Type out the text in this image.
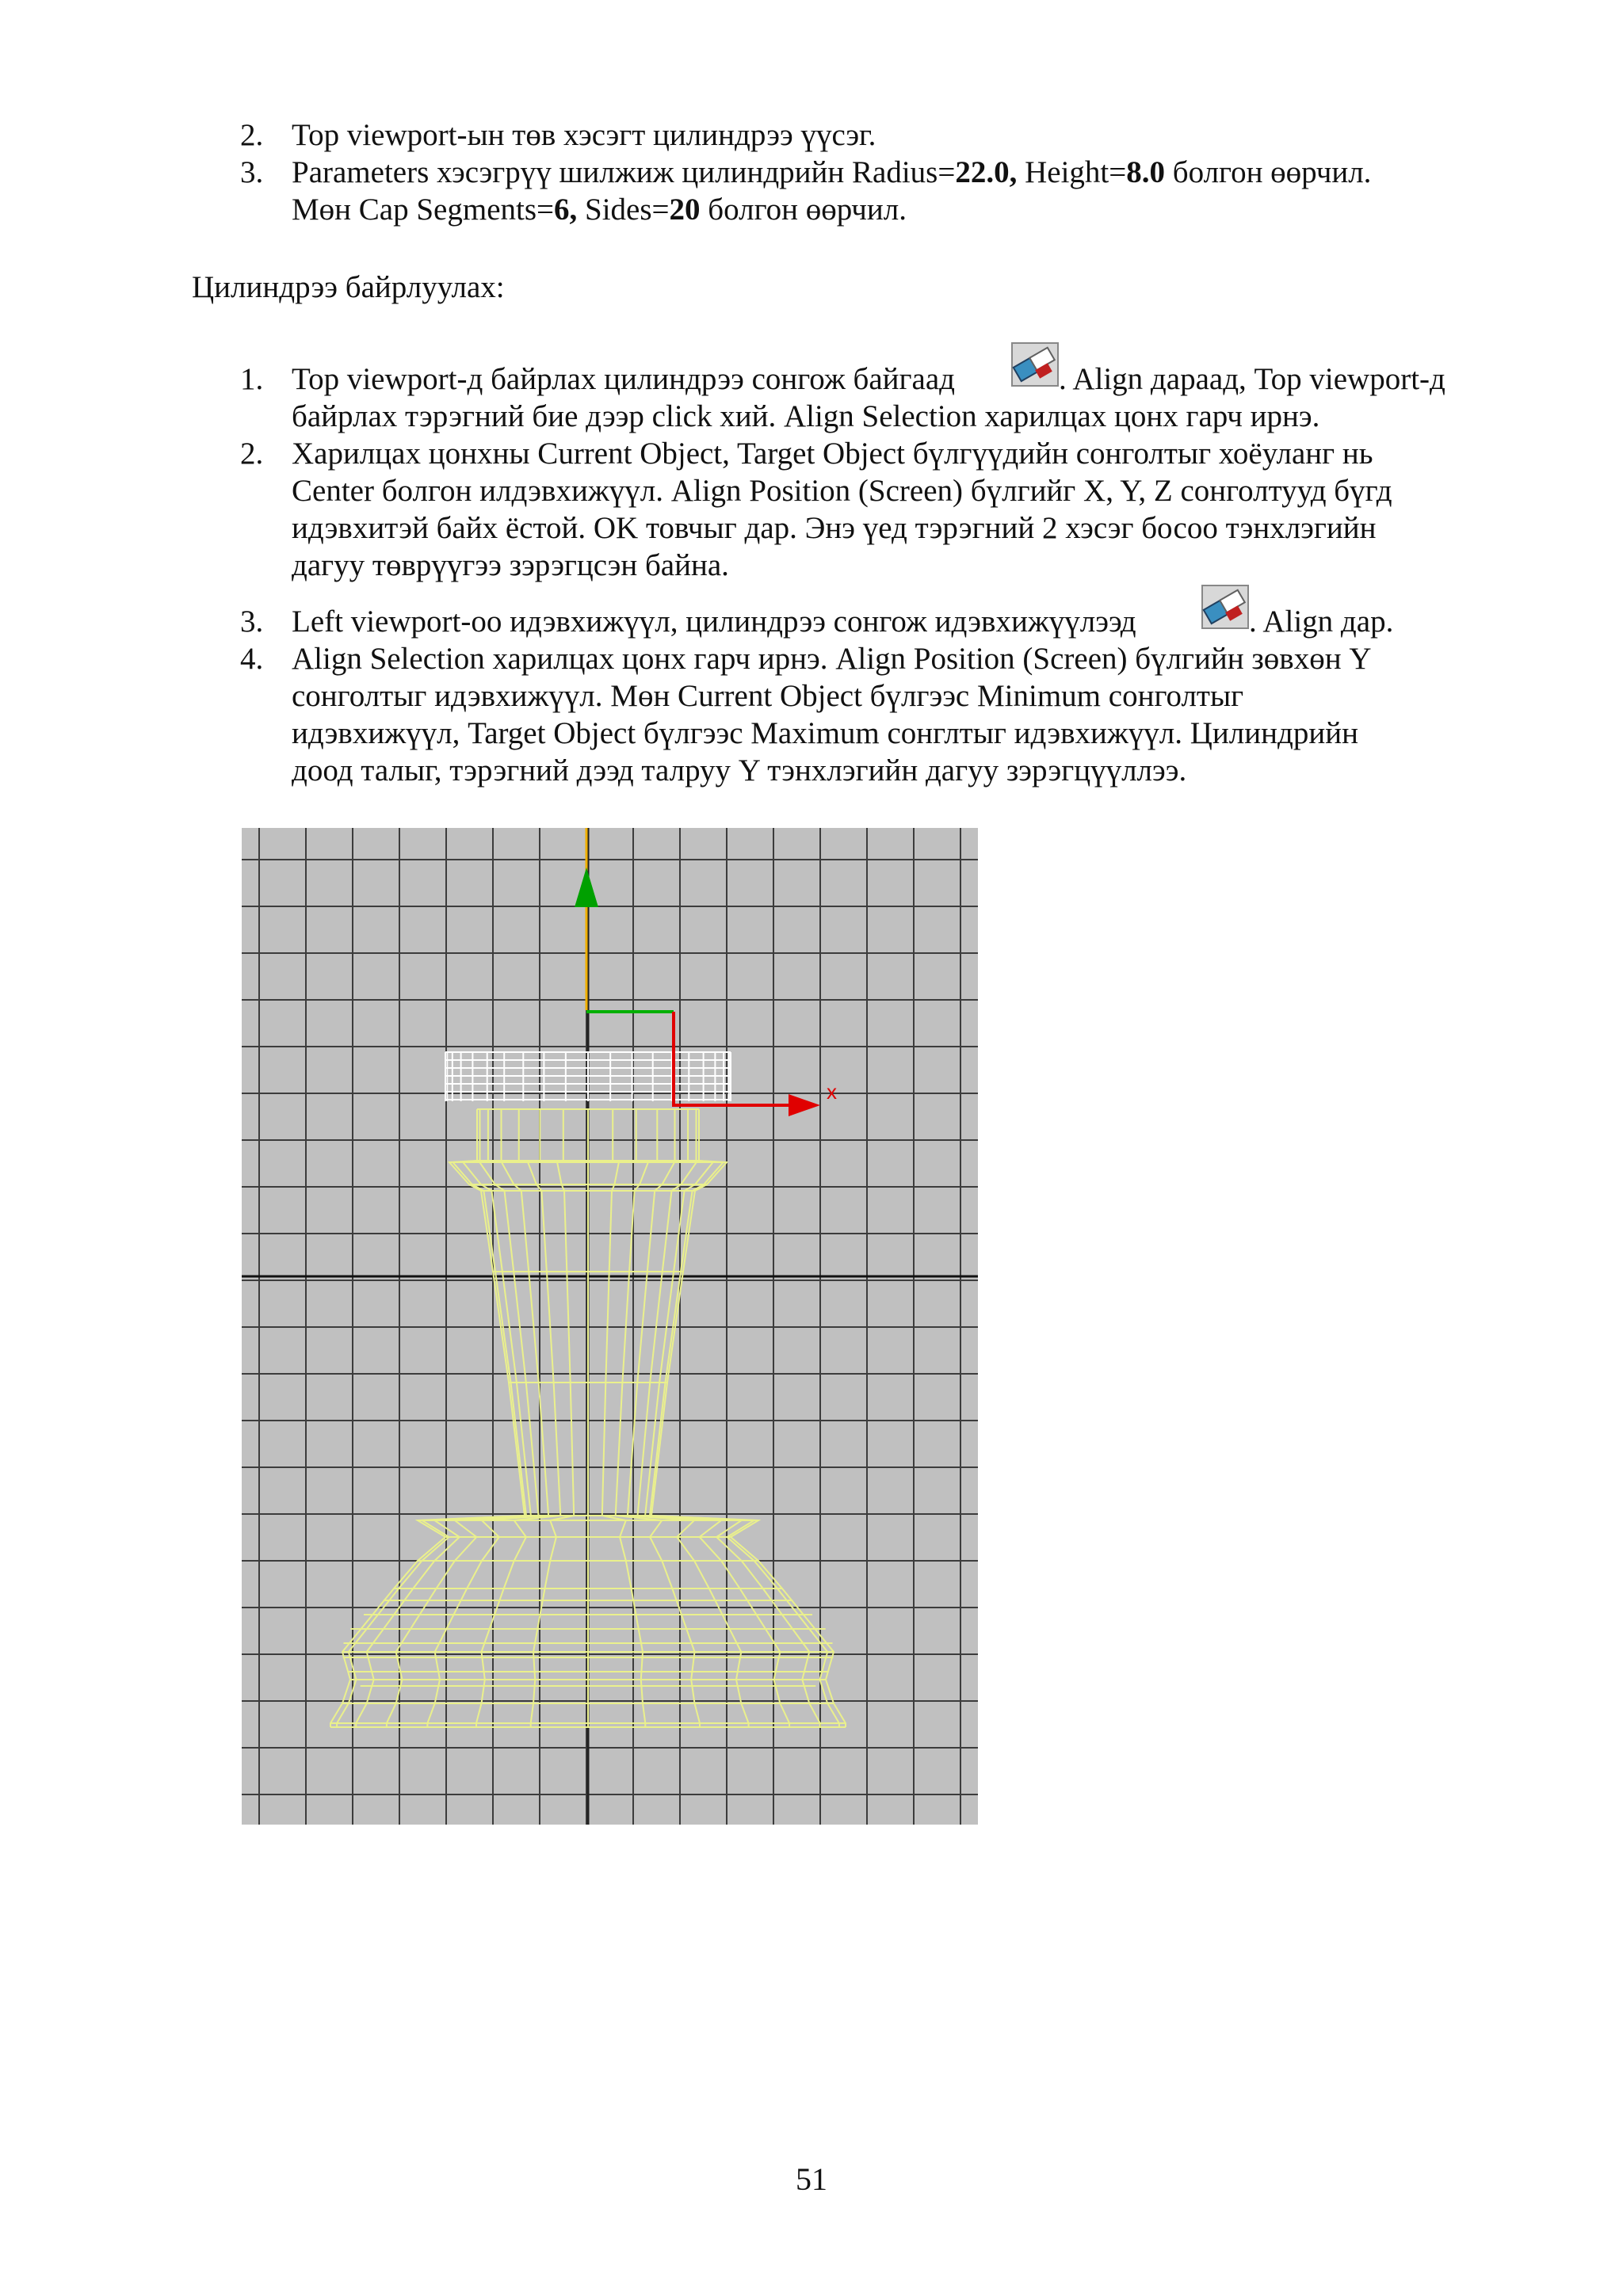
2. Top viewport-ын төв хэсэгт цилиндрээ үүсэг.
3. Parameters хэсэгрүү шилжиж цилиндрийн Radius=22.0, Height=8.0 болгон өөрчил.
Мөн Cap Segments=6, Sides=20 болгон өөрчил.
Цилиндрээ байрлуулах:
1. Top viewport-д байрлах цилиндрээ сонгож байгаад	. Align дараад, Top viewport-д
байрлах тэрэгний бие дээр click хий. Align Selection харилцах цонх гарч ирнэ.
2. Харилцах цонхны Current Object, Target Object бүлгүүдийн сонголтыг хоёуланг нь
Center болгон илдэвхижүүл. Align Position (Screen) бүлгийг X, Y, Z сонголтууд бүгд
идэвхитэй байх ёстой. OK товчыг дар. Энэ үед тэрэгний 2 хэсэг босоо тэнхлэгийн
дагуу төврүүгээ зэрэгцсэн байна.
3. Left viewport-оо идэвхижүүл, цилиндрээ сонгож идэвхижүүлээд	. Align дар.
4. Align Selection харилцах цонх гарч ирнэ. Align Position (Screen) бүлгийн зөвхөн Y
сонголтыг идэвхижүүл. Мөн Current Object бүлгээс Minimum сонголтыг
идэвхижүүл, Target Object бүлгээс Maximum сонглтыг идэвхижүүл. Цилиндрийн
доод талыг, тэрэгний дээд талруу Y тэнхлэгийн дагуу зэрэгцүүллээ.
x
51
